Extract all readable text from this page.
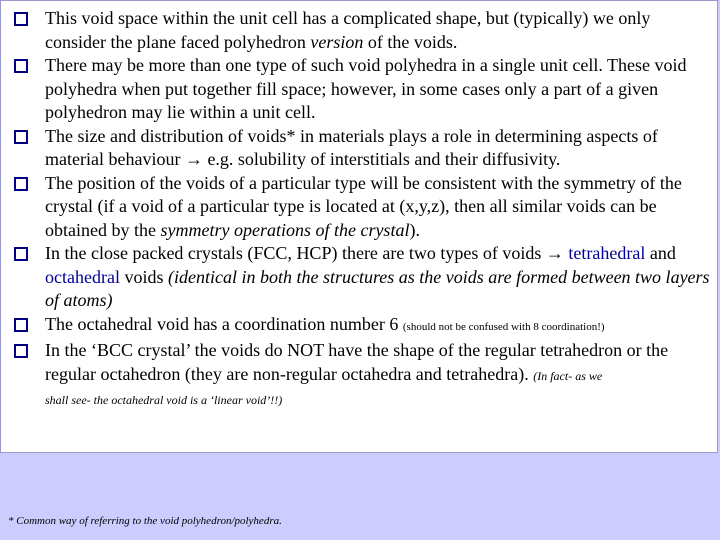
This void space within the unit cell has a complicated shape, but (typically) we only consider the plane faced polyhedron version of the voids.
There may be more than one type of such void polyhedra in a single unit cell. These void polyhedra when put together fill space; however, in some cases only a part of a given polyhedron may lie within a unit cell.
The size and distribution of voids* in materials plays a role in determining aspects of material behaviour → e.g. solubility of interstitials and their diffusivity.
The position of the voids of a particular type will be consistent with the symmetry of the crystal (if a void of a particular type is located at (x,y,z), then all similar voids can be obtained by the symmetry operations of the crystal).
In the close packed crystals (FCC, HCP) there are two types of voids → tetrahedral and octahedral voids (identical in both the structures as the voids are formed between two layers of atoms)
The octahedral void has a coordination number 6 (should not be confused with 8 coordination!)
In the ‘BCC crystal’ the voids do NOT have the shape of the regular tetrahedron or the regular octahedron (they are non-regular octahedra and tetrahedra). (In fact- as we
shall see- the octahedral void is a ‘linear void’!!)
* Common way of referring to the void polyhedron/polyhedra.
